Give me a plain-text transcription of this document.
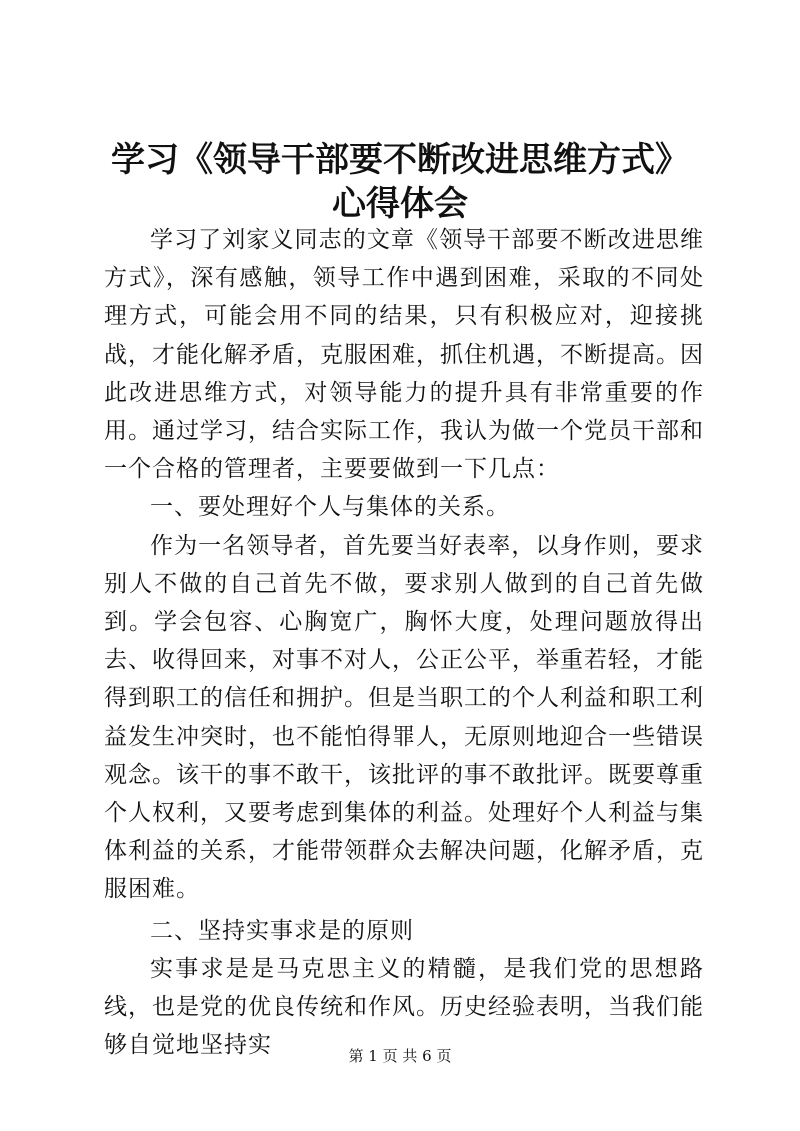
学习《领导干部要不断改进思维方式》心得体会

学习了刘家义同志的文章《领导干部要不断改进思维方式》，深有感触，领导工作中遇到困难，采取的不同处理方式，可能会用不同的结果，只有积极应对，迎接挑战，才能化解矛盾，克服困难，抓住机遇，不断提高。因此改进思维方式，对领导能力的提升具有非常重要的作用。通过学习，结合实际工作，我认为做一个党员干部和一个合格的管理者，主要要做到一下几点：

一、要处理好个人与集体的关系。

作为一名领导者，首先要当好表率，以身作则，要求别人不做的自己首先不做，要求别人做到的自己首先做到。学会包容、心胸宽广，胸怀大度，处理问题放得出去、收得回来，对事不对人，公正公平，举重若轻，才能得到职工的信任和拥护。但是当职工的个人利益和职工利益发生冲突时，也不能怕得罪人，无原则地迎合一些错误观念。该干的事不敢干，该批评的事不敢批评。既要尊重个人权利，又要考虑到集体的利益。处理好个人利益与集体利益的关系，才能带领群众去解决问题，化解矛盾，克服困难。

二、坚持实事求是的原则

实事求是是马克思主义的精髓，是我们党的思想路线，也是党的优良传统和作风。历史经验表明，当我们能够自觉地坚持实	第 1 页 共 6 页
